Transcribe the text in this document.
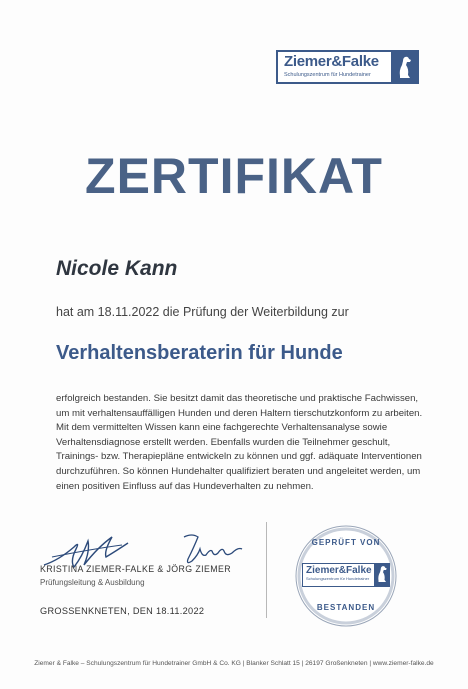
Ziemer&Falke
Schulungszentrum für Hundetrainer
ZERTIFIKAT
Nicole Kann
hat am 18.11.2022 die Prüfung der Weiterbildung zur
Verhaltensberaterin für Hunde
erfolgreich bestanden. Sie besitzt damit das theoretische und praktische Fachwissen, um mit verhaltensauffälligen Hunden und deren Haltern tierschutzkonform zu arbeiten. Mit dem vermittelten Wissen kann eine fachgerechte Verhaltensanalyse sowie Verhaltensdiagnose erstellt werden. Ebenfalls wurden die Teilnehmer geschult, Trainings- bzw. Therapiepläne entwickeln zu können und ggf. adäquate Interventionen durchzuführen. So können Hundehalter qualifiziert beraten und angeleitet werden, um einen positiven Einfluss auf das Hundeverhalten zu nehmen.
KRISTINA ZIEMER-FALKE & JÖRG ZIEMER
Prüfungsleitung & Ausbildung
GROSSENKNETEN, DEN 18.11.2022
GEPRÜFT VON
Ziemer&Falke
Schulungszentrum für Hundetrainer
BESTANDEN
Ziemer & Falke – Schulungszentrum für Hundetrainer GmbH & Co. KG | Blanker Schlatt 15 | 26197 Großenkneten | www.ziemer-falke.de
